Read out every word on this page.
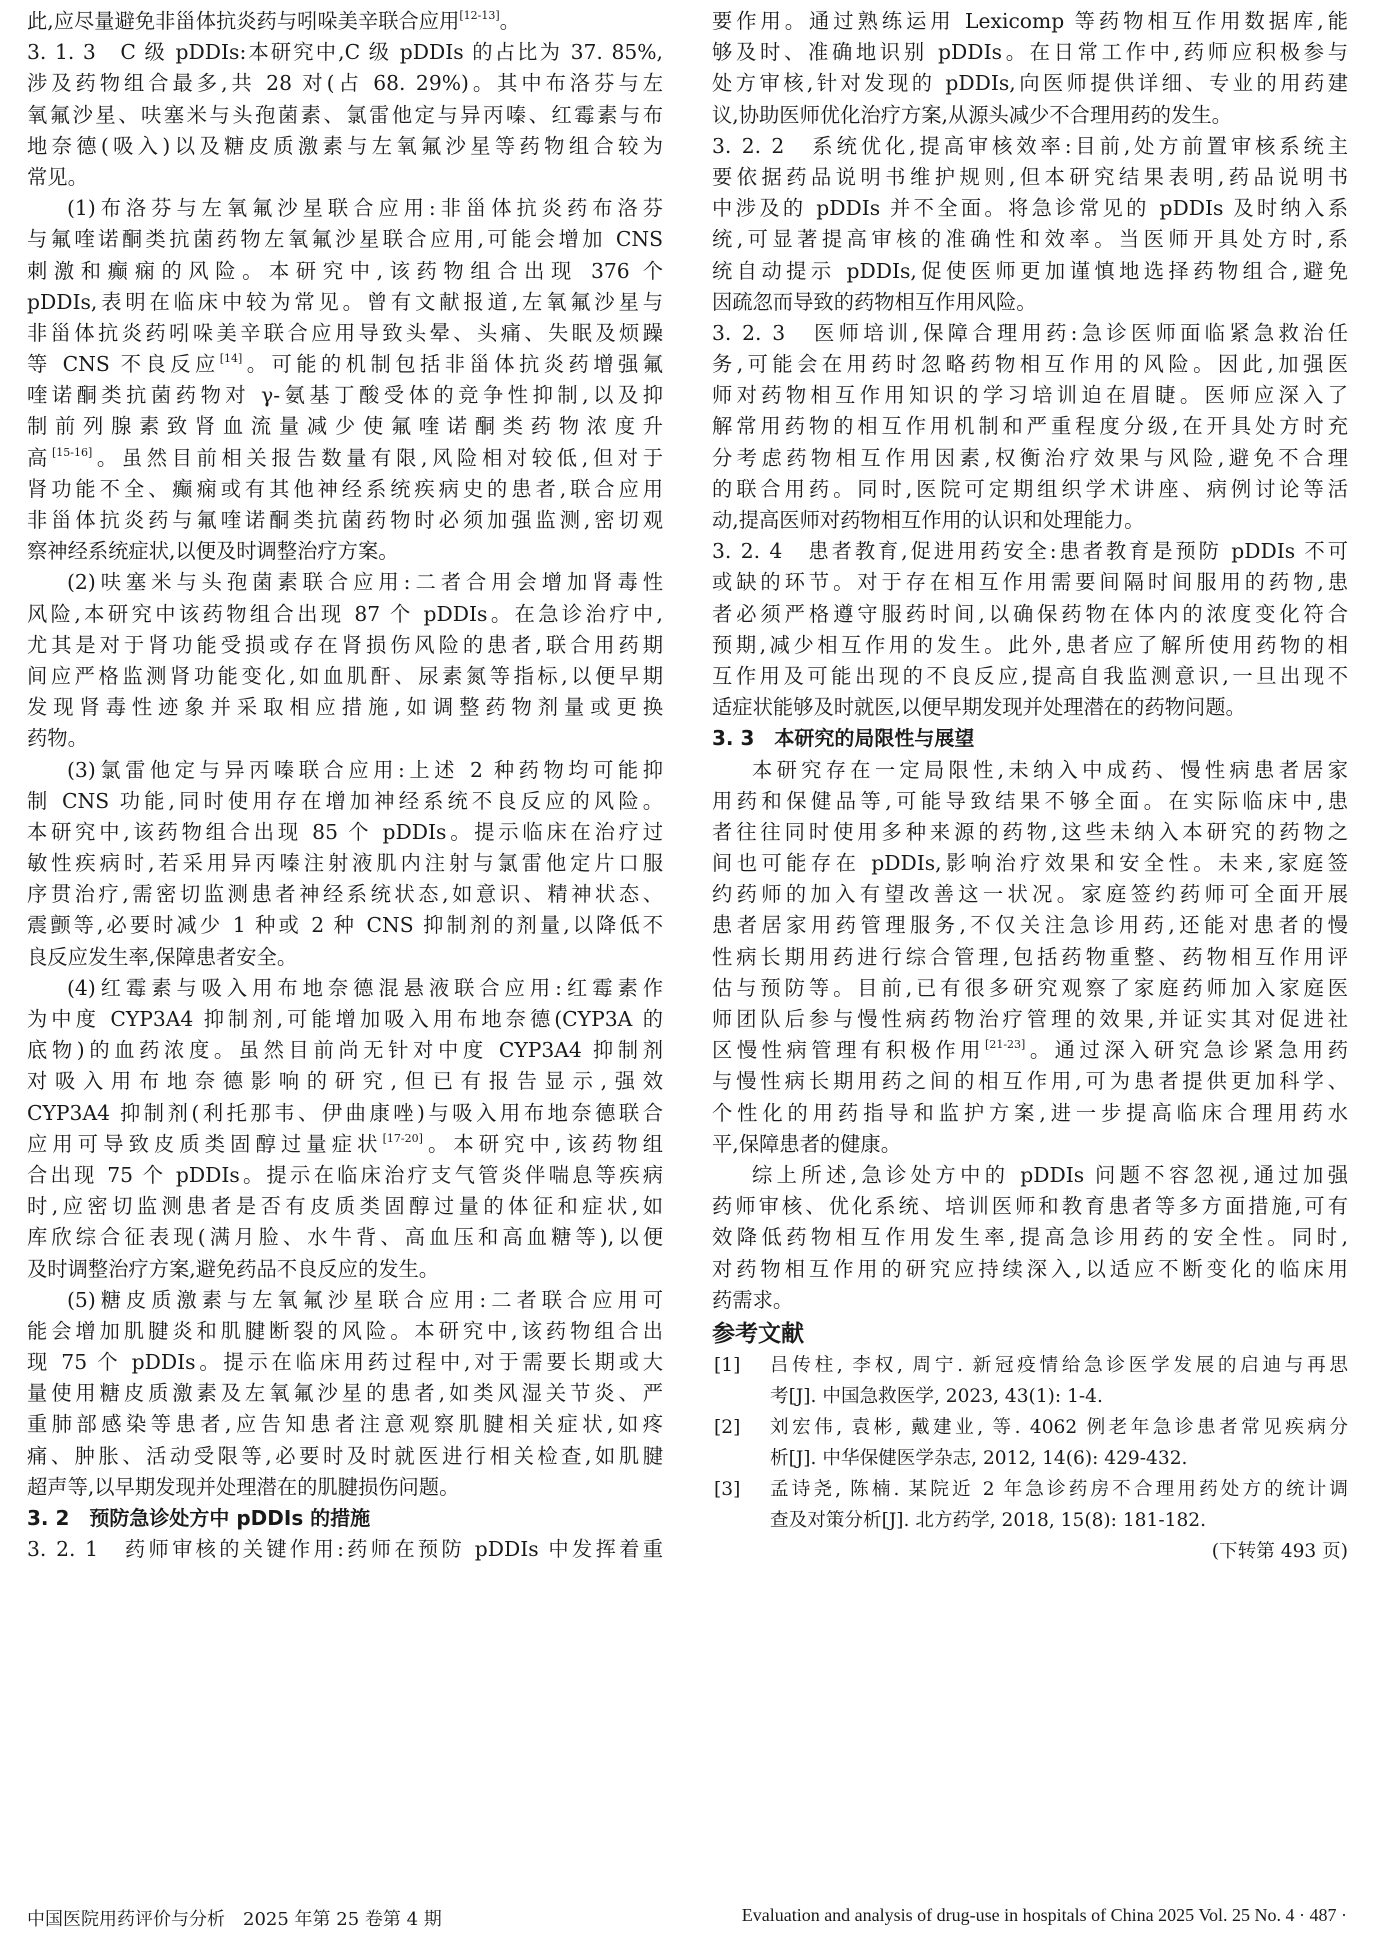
此,应尽量避免非甾体抗炎药与吲哚美辛联合应用[12-13]。
3. 1. 3　C 级 pDDIs:本研究中,C 级 pDDIs 的占比为 37. 85%,
涉及药物组合最多,共 28 对(占 68. 29%)。其中布洛芬与左
氧氟沙星、呋塞米与头孢菌素、氯雷他定与异丙嗪、红霉素与布
地奈德(吸入)以及糖皮质激素与左氧氟沙星等药物组合较为
常见。
(1)布洛芬与左氧氟沙星联合应用:非甾体抗炎药布洛芬
与氟喹诺酮类抗菌药物左氧氟沙星联合应用,可能会增加 CNS
刺激和癫痫的风险。本研究中,该药物组合出现 376 个
pDDIs,表明在临床中较为常见。曾有文献报道,左氧氟沙星与
非甾体抗炎药吲哚美辛联合应用导致头晕、头痛、失眠及烦躁
等 CNS 不良反应[14]。可能的机制包括非甾体抗炎药增强氟
喹诺酮类抗菌药物对 γ-氨基丁酸受体的竞争性抑制,以及抑
制前列腺素致肾血流量减少使氟喹诺酮类药物浓度升
高[15-16]。虽然目前相关报告数量有限,风险相对较低,但对于
肾功能不全、癫痫或有其他神经系统疾病史的患者,联合应用
非甾体抗炎药与氟喹诺酮类抗菌药物时必须加强监测,密切观
察神经系统症状,以便及时调整治疗方案。
(2)呋塞米与头孢菌素联合应用:二者合用会增加肾毒性
风险,本研究中该药物组合出现 87 个 pDDIs。在急诊治疗中,
尤其是对于肾功能受损或存在肾损伤风险的患者,联合用药期
间应严格监测肾功能变化,如血肌酐、尿素氮等指标,以便早期
发现肾毒性迹象并采取相应措施,如调整药物剂量或更换
药物。
(3)氯雷他定与异丙嗪联合应用:上述 2 种药物均可能抑
制 CNS 功能,同时使用存在增加神经系统不良反应的风险。
本研究中,该药物组合出现 85 个 pDDIs。提示临床在治疗过
敏性疾病时,若采用异丙嗪注射液肌内注射与氯雷他定片口服
序贯治疗,需密切监测患者神经系统状态,如意识、精神状态、
震颤等,必要时减少 1 种或 2 种 CNS 抑制剂的剂量,以降低不
良反应发生率,保障患者安全。
(4)红霉素与吸入用布地奈德混悬液联合应用:红霉素作
为中度 CYP3A4 抑制剂,可能增加吸入用布地奈德(CYP3A 的
底物)的血药浓度。虽然目前尚无针对中度 CYP3A4 抑制剂
对吸入用布地奈德影响的研究,但已有报告显示,强效
CYP3A4 抑制剂(利托那韦、伊曲康唑)与吸入用布地奈德联合
应用可导致皮质类固醇过量症状[17-20]。本研究中,该药物组
合出现 75 个 pDDIs。提示在临床治疗支气管炎伴喘息等疾病
时,应密切监测患者是否有皮质类固醇过量的体征和症状,如
库欣综合征表现(满月脸、水牛背、高血压和高血糖等),以便
及时调整治疗方案,避免药品不良反应的发生。
(5)糖皮质激素与左氧氟沙星联合应用:二者联合应用可
能会增加肌腱炎和肌腱断裂的风险。本研究中,该药物组合出
现 75 个 pDDIs。提示在临床用药过程中,对于需要长期或大
量使用糖皮质激素及左氧氟沙星的患者,如类风湿关节炎、严
重肺部感染等患者,应告知患者注意观察肌腱相关症状,如疼
痛、肿胀、活动受限等,必要时及时就医进行相关检查,如肌腱
超声等,以早期发现并处理潜在的肌腱损伤问题。
3. 2　预防急诊处方中 pDDIs 的措施
3. 2. 1　药师审核的关键作用:药师在预防 pDDIs 中发挥着重
要作用。通过熟练运用 Lexicomp 等药物相互作用数据库,能
够及时、准确地识别 pDDIs。在日常工作中,药师应积极参与
处方审核,针对发现的 pDDIs,向医师提供详细、专业的用药建
议,协助医师优化治疗方案,从源头减少不合理用药的发生。
3. 2. 2　系统优化,提高审核效率:目前,处方前置审核系统主
要依据药品说明书维护规则,但本研究结果表明,药品说明书
中涉及的 pDDIs 并不全面。将急诊常见的 pDDIs 及时纳入系
统,可显著提高审核的准确性和效率。当医师开具处方时,系
统自动提示 pDDIs,促使医师更加谨慎地选择药物组合,避免
因疏忽而导致的药物相互作用风险。
3. 2. 3　医师培训,保障合理用药:急诊医师面临紧急救治任
务,可能会在用药时忽略药物相互作用的风险。因此,加强医
师对药物相互作用知识的学习培训迫在眉睫。医师应深入了
解常用药物的相互作用机制和严重程度分级,在开具处方时充
分考虑药物相互作用因素,权衡治疗效果与风险,避免不合理
的联合用药。同时,医院可定期组织学术讲座、病例讨论等活
动,提高医师对药物相互作用的认识和处理能力。
3. 2. 4　患者教育,促进用药安全:患者教育是预防 pDDIs 不可
或缺的环节。对于存在相互作用需要间隔时间服用的药物,患
者必须严格遵守服药时间,以确保药物在体内的浓度变化符合
预期,减少相互作用的发生。此外,患者应了解所使用药物的相
互作用及可能出现的不良反应,提高自我监测意识,一旦出现不
适症状能够及时就医,以便早期发现并处理潜在的药物问题。
3. 3　本研究的局限性与展望
本研究存在一定局限性,未纳入中成药、慢性病患者居家
用药和保健品等,可能导致结果不够全面。在实际临床中,患
者往往同时使用多种来源的药物,这些未纳入本研究的药物之
间也可能存在 pDDIs,影响治疗效果和安全性。未来,家庭签
约药师的加入有望改善这一状况。家庭签约药师可全面开展
患者居家用药管理服务,不仅关注急诊用药,还能对患者的慢
性病长期用药进行综合管理,包括药物重整、药物相互作用评
估与预防等。目前,已有很多研究观察了家庭药师加入家庭医
师团队后参与慢性病药物治疗管理的效果,并证实其对促进社
区慢性病管理有积极作用[21-23]。通过深入研究急诊紧急用药
与慢性病长期用药之间的相互作用,可为患者提供更加科学、
个性化的用药指导和监护方案,进一步提高临床合理用药水
平,保障患者的健康。
综上所述,急诊处方中的 pDDIs 问题不容忽视,通过加强
药师审核、优化系统、培训医师和教育患者等多方面措施,可有
效降低药物相互作用发生率,提高急诊用药的安全性。同时,
对药物相互作用的研究应持续深入,以适应不断变化的临床用
药需求。
参考文献
[1]	吕传柱, 李权, 周宁. 新冠疫情给急诊医学发展的启迪与再思
考[J]. 中国急救医学, 2023, 43(1): 1-4.
[2]	刘宏伟, 袁彬, 戴建业, 等. 4062 例老年急诊患者常见疾病分
析[J]. 中华保健医学杂志, 2012, 14(6): 429-432.
[3]	孟诗尧, 陈楠. 某院近 2 年急诊药房不合理用药处方的统计调
查及对策分析[J]. 北方药学, 2018, 15(8): 181-182.
(下转第 493 页)
中国医院用药评价与分析　2025 年第 25 卷第 4 期	Evaluation and analysis of drug-use in hospitals of China 2025 Vol. 25 No. 4 · 487 ·
